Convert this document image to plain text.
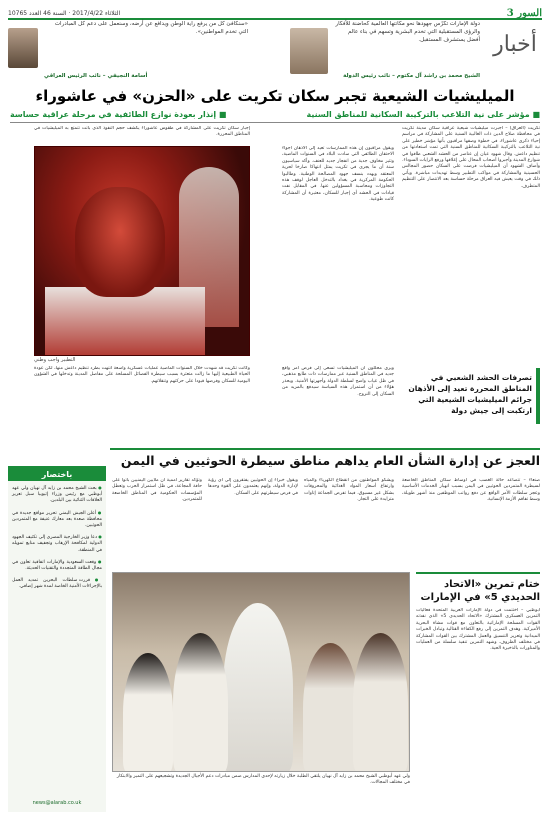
السور 3
الثلاثاء 2017/4/22 · السنة 46 العدد 10765
أخبار
دولة الإمارات تكرّس جهودها نحو مكانتها العالمية كحاضنة للأفكار والرؤى المستقبلية التي تخدم البشرية وتسهم في بناء عالم أفضل يستشرف المستقبل.
الشيخ محمد بن راشد آل مكتوم – نائب رئيس الدولة
«سنكافئ كل من يرفع راية الوطن ويدافع عن أرضه، وسنعمل على دعم كل المبادرات التي تخدم المواطنين».
أسامة النجيفي – نائب الرئيس العراقي
الميليشيات الشيعية تجبر سكان تكريت على «الحزن» في عاشوراء
■ مؤشر على نية التلاعب بالتركيبة السكانية للمناطق السنية
■ إنذار بعودة نوازع الطائفية في مرحلة عراقية حساسة
إجبار سكان تكريت على المشاركة في طقوس عاشوراء يكشف حجم النفوذ الذي باتت تتمتع به الميليشيات في المناطق المحررة.
تكريت (العراق) – أجبرت ميليشيات شيعية عراقية سكان مدينة تكريت في محافظة صلاح الدين ذات الغالبية السنية على المشاركة في مراسم إحياء ذكرى عاشوراء، في خطوة وصفها مراقبون بأنها مؤشر خطير على نية التلاعب بالتركيبة السكانية للمناطق السنية التي تمت استعادتها من تنظيم داعش. وقال شهود عيان إن عناصر من الحشد الشعبي طافوا في شوارع المدينة وأجبروا أصحاب المحال على إغلاقها ورفع الرايات السوداء. وأضاف الشهود أن الميليشيات فرضت على السكان حضور المجالس الحسينية والمشاركة في مواكب التطبير وسط تهديدات مباشرة. ويأتي ذلك في وقت يعيش فيه العراق مرحلة حساسة بعد الانتصار على التنظيم المتطرف.
ويقول مراقبون إن هذه الممارسات تعيد إلى الأذهان أجواء الاحتقان الطائفي التي سادت البلاد في السنوات الماضية، وتثير مخاوف جدية من انفجار جديد للعنف. وأكد سياسيون سنة أن ما يجري في تكريت يمثل انتهاكا صارخا لحرية المعتقد ويهدد بنسف جهود المصالحة الوطنية. وطالبوا الحكومة المركزية في بغداد بالتدخل العاجل لوقف هذه التجاوزات ومحاسبة المسؤولين عنها. في المقابل نفت قيادات في الحشد أي إجبار للسكان، معتبرة أن المشاركة كانت طوعية.
التطبير واجب وطني
تصرفات الحشد الشعبي في المناطق المحررة تعيد إلى الأذهان جرائم الميليشيات الشيعية التي ارتكبت إلى جيش دولة
ويرى محللون أن الميليشيات تسعى إلى فرض أمر واقع جديد في المناطق السنية عبر ممارسات ذات طابع مذهبي، في ظل غياب واضح لسلطة الدولة وأجهزتها الأمنية. ويحذر هؤلاء من أن استمرار هذه السياسة سيدفع بالمزيد من السكان إلى النزوح.
وكانت تكريت قد شهدت خلال السنوات الماضية عمليات عسكرية واسعة انتهت بطرد تنظيم داعش منها، لكن عودة الحياة الطبيعية إليها ما زالت متعثرة بسبب سيطرة الفصائل المسلحة على مفاصل المدينة وتدخلها في الشؤون اليومية للسكان وفرضها قيودا على حركتهم وتنقلاتهم.
العجز عن إدارة الشأن العام يداهم مناطق سيطرة الحوثيين في اليمن
صنعاء – تتصاعد حالة الغضب في أوساط سكان المناطق الخاضعة لسيطرة المتمردين الحوثيين في اليمن بسبب انهيار الخدمات الأساسية وعجز سلطات الأمر الواقع عن دفع رواتب الموظفين منذ أشهر طويلة، وسط تفاقم الأزمة الإنسانية.
ويشكو المواطنون من انقطاع الكهرباء والمياه وارتفاع أسعار المواد الغذائية والمحروقات بشكل غير مسبوق، فيما تفرض الجماعة إتاوات متزايدة على التجار.
ويقول خبراء إن الحوثيين يفتقرون إلى أي رؤية لإدارة الدولة، وإنهم يعتمدون على القوة وحدها في فرض سيطرتهم على السكان.
وتؤكد تقارير أممية أن ملايين اليمنيين باتوا على حافة المجاعة، في ظل استمرار الحرب وتعطل المؤسسات الحكومية في المناطق الخاضعة للمتمردين.
ختام تمرين «الاتحاد الحديدي 5» في الإمارات
أبوظبي – اختتمت في دولة الإمارات العربية المتحدة فعاليات التمرين العسكري المشترك «الاتحاد الحديدي 5» الذي نفذته القوات المسلحة الإماراتية بالتعاون مع قوات مشاة البحرية الأميركية. وهدف التمرين إلى رفع الكفاءة القتالية وتبادل الخبرات الميدانية وتعزيز التنسيق والعمل المشترك بين القوات المشاركة في مختلف الظروف. وشهد التمرين تنفيذ سلسلة من العمليات والمناورات بالذخيرة الحية.
ولي عهد أبوظبي الشيخ محمد بن زايد آل نهيان يلتقي الطلبة خلال زيارته لإحدى المدارس ضمن مبادرات دعم الأجيال الجديدة وتشجيعهم على التميز والابتكار في مختلف المجالات.
باختصار
● بحث الشيخ محمد بن زايد آل نهيان ولي عهد أبوظبي مع رئيس وزراء إثيوبيا سبل تعزيز العلاقات الثنائية بين البلدين.
● أعلن الجيش اليمني تحرير مواقع جديدة في محافظة صعدة بعد معارك عنيفة مع المتمردين الحوثيين.
● دعا وزير الخارجية المصري إلى تكثيف الجهود الدولية لمكافحة الإرهاب وتجفيف منابع تمويله في المنطقة.
● وقعت السعودية والإمارات اتفاقية تعاون في مجال الطاقة المتجددة والتقنيات الحديثة.
● قررت سلطات البحرين تمديد العمل بالإجراءات الأمنية الخاصة لمدة شهر إضافي.
news@alarab.co.uk
